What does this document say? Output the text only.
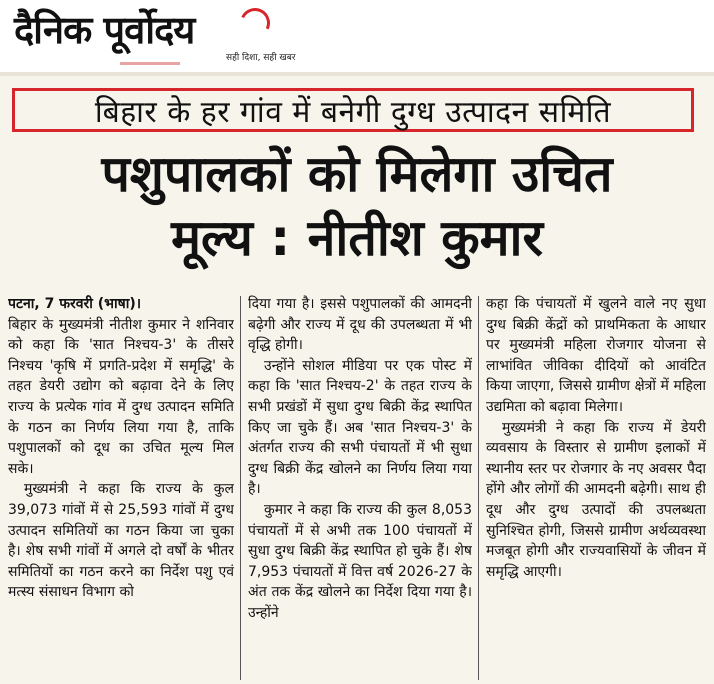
दैनिक पूर्वोदय
सही दिशा, सही खबर
बिहार के हर गांव में बनेगी दुग्ध उत्पादन समिति
पशुपालकों को मिलेगा उचित
मूल्य : नीतीश कुमार

पटना, 7 फरवरी (भाषा)।

बिहार के मुख्यमंत्री नीतीश कुमार ने शनिवार को कहा कि 'सात निश्चय-3' के तीसरे निश्चय 'कृषि में प्रगति-प्रदेश में समृद्धि' के तहत डेयरी उद्योग को बढ़ावा देने के लिए राज्य के प्रत्येक गांव में दुग्ध उत्पादन समिति के गठन का निर्णय लिया गया है, ताकि पशुपालकों को दूध का उचित मूल्य मिल सके।

मुख्यमंत्री ने कहा कि राज्य के कुल 39,073 गांवों में से 25,593 गांवों में दुग्ध उत्पादन समितियों का गठन किया जा चुका है। शेष सभी गांवों में अगले दो वर्षों के भीतर समितियों का गठन करने का निर्देश पशु एवं मत्स्य संसाधन विभाग को

दिया गया है। इससे पशुपालकों की आमदनी बढ़ेगी और राज्य में दूध की उपलब्धता में भी वृद्धि होगी।

उन्होंने सोशल मीडिया पर एक पोस्ट में कहा कि 'सात निश्चय-2' के तहत राज्य के सभी प्रखंडों में सुधा दुग्ध बिक्री केंद्र स्थापित किए जा चुके हैं। अब 'सात निश्चय-3' के अंतर्गत राज्य की सभी पंचायतों में भी सुधा दुग्ध बिक्री केंद्र खोलने का निर्णय लिया गया है।

कुमार ने कहा कि राज्य की कुल 8,053 पंचायतों में से अभी तक 100 पंचायतों में सुधा दुग्ध बिक्री केंद्र स्थापित हो चुके हैं। शेष 7,953 पंचायतों में वित्त वर्ष 2026-27 के अंत तक केंद्र खोलने का निर्देश दिया गया है। उन्होंने

कहा कि पंचायतों में खुलने वाले नए सुधा दुग्ध बिक्री केंद्रों को प्राथमिकता के आधार पर मुख्यमंत्री महिला रोजगार योजना से लाभांवित जीविका दीदियों को आवंटित किया जाएगा, जिससे ग्रामीण क्षेत्रों में महिला उद्यमिता को बढ़ावा मिलेगा।

मुख्यमंत्री ने कहा कि राज्य में डेयरी व्यवसाय के विस्तार से ग्रामीण इलाकों में स्थानीय स्तर पर रोजगार के नए अवसर पैदा होंगे और लोगों की आमदनी बढ़ेगी। साथ ही दूध और दुग्ध उत्पादों की उपलब्धता सुनिश्चित होगी, जिससे ग्रामीण अर्थव्यवस्था मजबूत होगी और राज्यवासियों के जीवन में समृद्धि आएगी।
